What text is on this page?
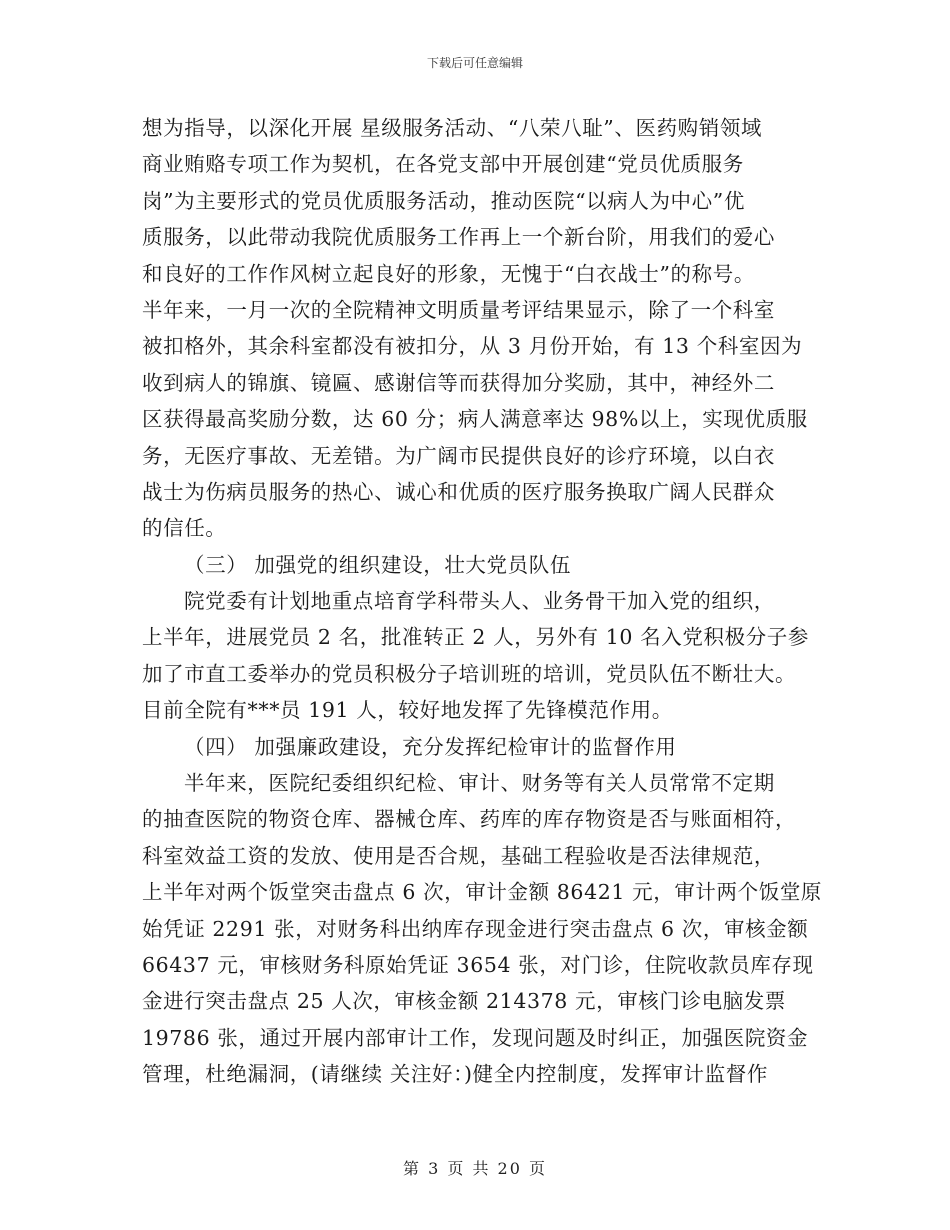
下载后可任意编辑
想为指导，以深化开展 星级服务活动、“八荣八耻”、医药购销领域
商业贿赂专项工作为契机，在各党支部中开展创建“党员优质服务
岗”为主要形式的党员优质服务活动，推动医院“以病人为中心”优
质服务，以此带动我院优质服务工作再上一个新台阶，用我们的爱心
和良好的工作作风树立起良好的形象，无愧于“白衣战士”的称号。
半年来，一月一次的全院精神文明质量考评结果显示，除了一个科室
被扣格外，其余科室都没有被扣分，从 3 月份开始，有 13 个科室因为
收到病人的锦旗、镜匾、感谢信等而获得加分奖励，其中，神经外二
区获得最高奖励分数，达 60 分；病人满意率达 98%以上，实现优质服
务，无医疗事故、无差错。为广阔市民提供良好的诊疗环境，以白衣
战士为伤病员服务的热心、诚心和优质的医疗服务换取广阔人民群众
的信任。
（三） 加强党的组织建设，壮大党员队伍
院党委有计划地重点培育学科带头人、业务骨干加入党的组织，
上半年，进展党员 2 名，批准转正 2 人，另外有 10 名入党积极分子参
加了市直工委举办的党员积极分子培训班的培训，党员队伍不断壮大。
目前全院有***员 191 人，较好地发挥了先锋模范作用。
（四） 加强廉政建设，充分发挥纪检审计的监督作用
半年来，医院纪委组织纪检、审计、财务等有关人员常常不定期
的抽查医院的物资仓库、器械仓库、药库的库存物资是否与账面相符，
科室效益工资的发放、使用是否合规，基础工程验收是否法律规范，
上半年对两个饭堂突击盘点 6 次，审计金额 86421 元，审计两个饭堂原
始凭证 2291 张，对财务科出纳库存现金进行突击盘点 6 次，审核金额
66437 元，审核财务科原始凭证 3654 张，对门诊，住院收款员库存现
金进行突击盘点 25 人次，审核金额 214378 元，审核门诊电脑发票
19786 张，通过开展内部审计工作，发现问题及时纠正，加强医院资金
管理，杜绝漏洞，(请继续 关注好：)健全内控制度，发挥审计监督作
第 3 页 共 20 页
